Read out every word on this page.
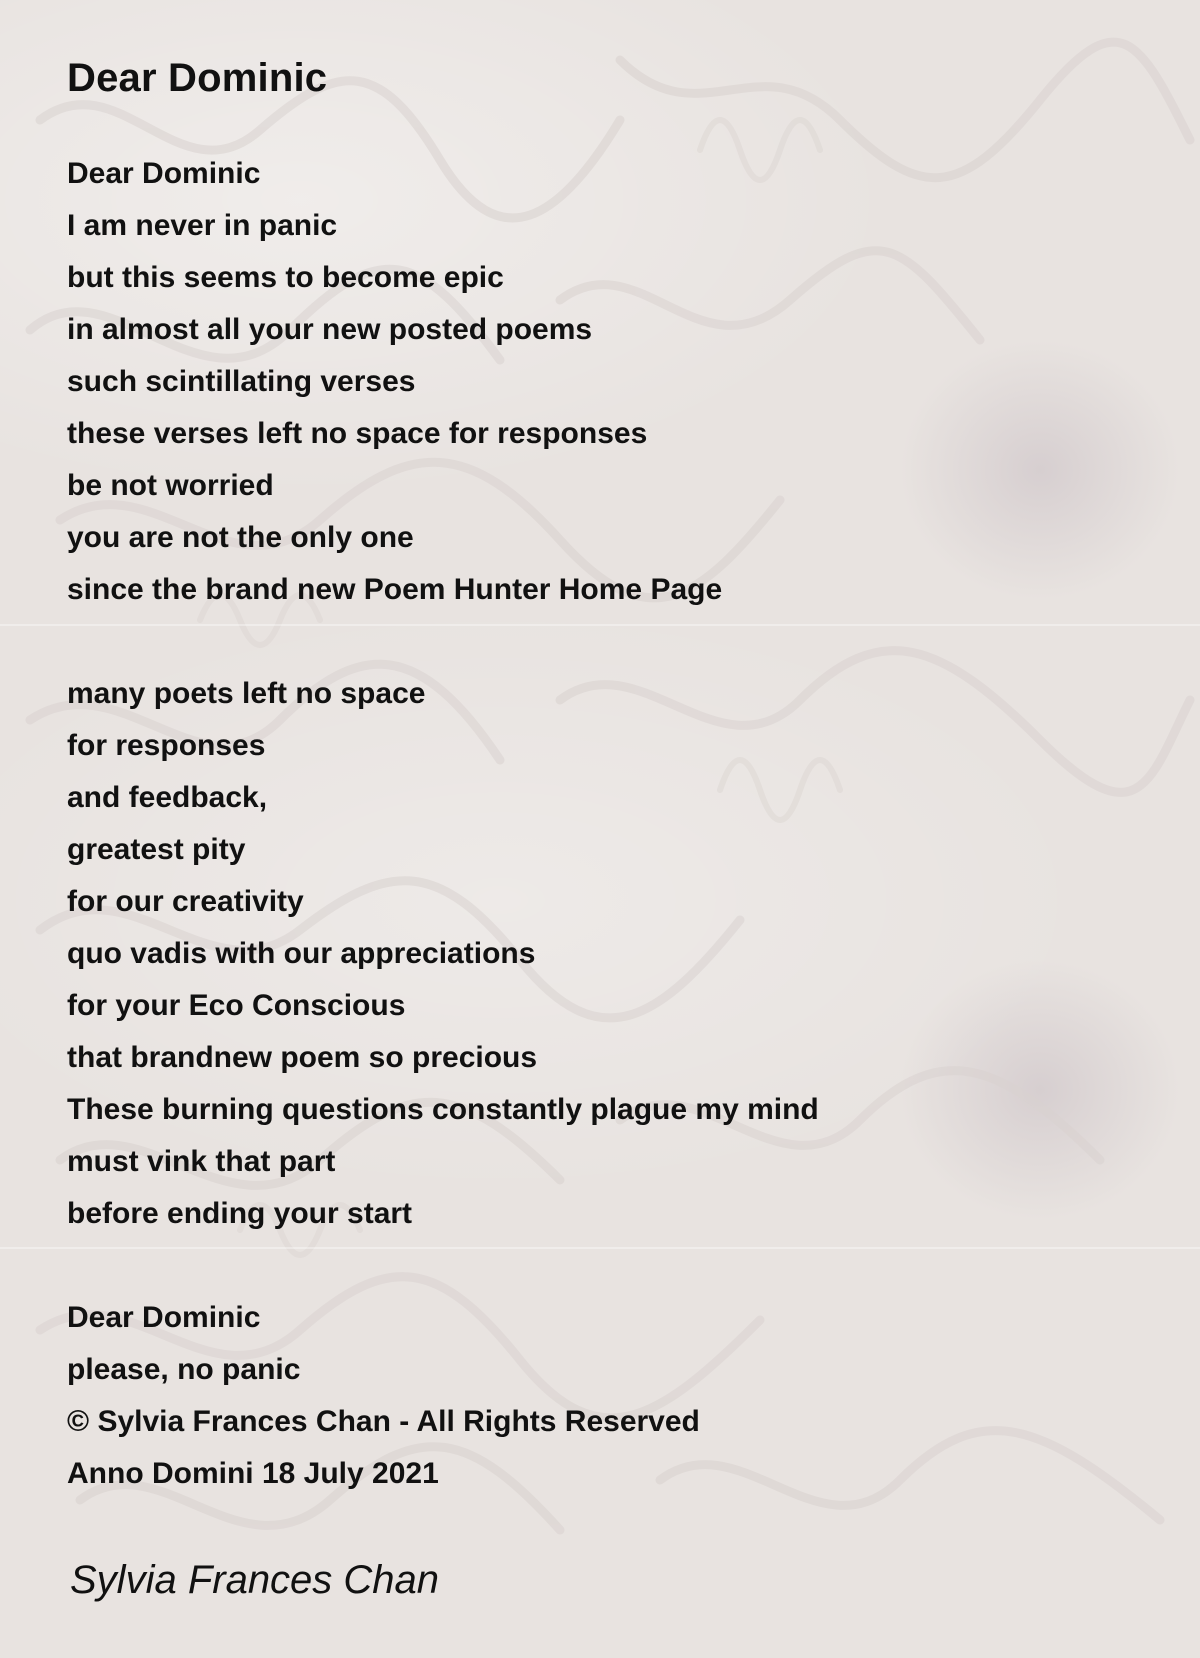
Dear Dominic
Dear Dominic
I am never in panic
but this seems to become epic
in almost all your new posted poems
such scintillating verses
these verses left no space for responses
be not worried
you are not the only one
since the brand new Poem Hunter Home Page
many poets left no space
for responses
and feedback,
greatest pity
for our creativity
quo vadis with our appreciations
for your Eco Conscious
that brandnew poem so precious
These burning questions constantly plague my mind
must vink that part
before ending your start
Dear Dominic
please, no panic
© Sylvia Frances Chan - All Rights Reserved
Anno Domini 18 July 2021
Sylvia Frances Chan
